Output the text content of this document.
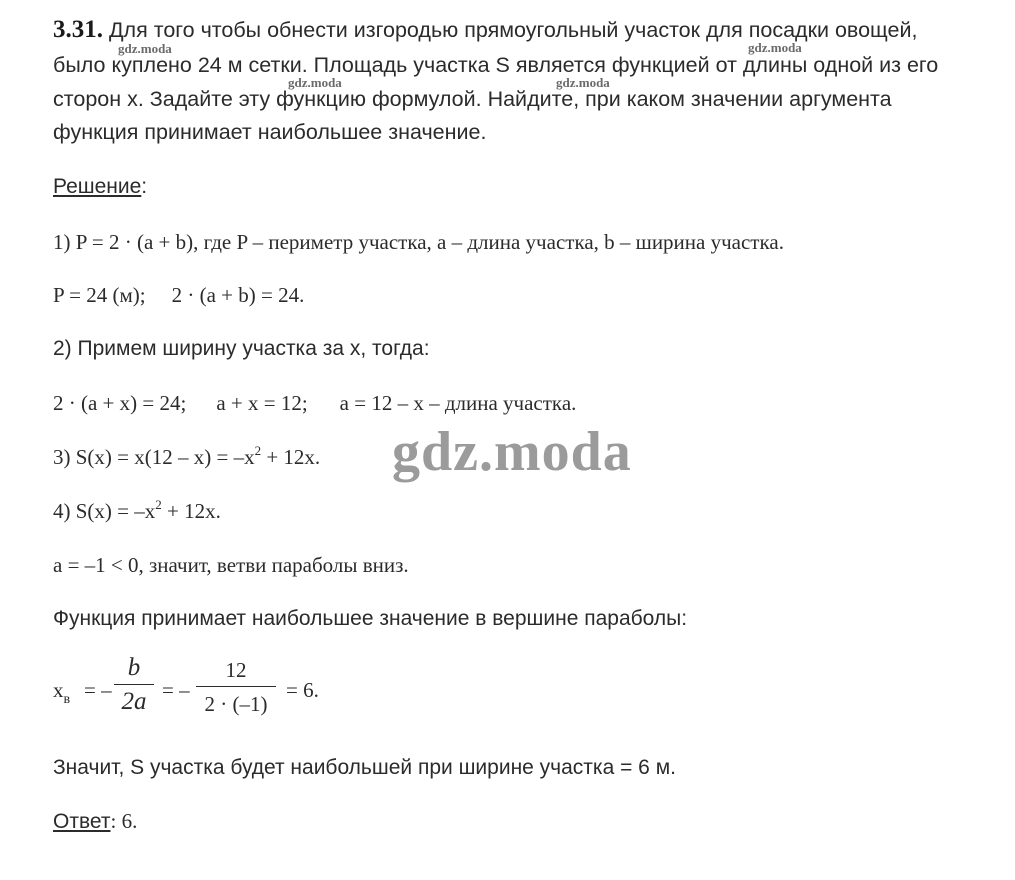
3.31. Для того чтобы обнести изгородью прямоугольный участок для посадки овощей,
было куплено 24 м сетки. Площадь участка S является функцией от длины одной из его
сторон x. Задайте эту функцию формулой. Найдите, при каком значении аргумента
функция принимает наибольшее значение.
gdz.moda	gdz.moda
gdz.moda	gdz.moda
Решение:
1) P = 2 · (a + b), где P – периметр участка, a – длина участка, b – ширина участка.
P = 24 (м); 2 · (a + b) = 24.
2) Примем ширину участка за x, тогда:
2 · (a + x) = 24; a + x = 12; a = 12 – x – длина участка.
3) $S(x) = x(12 - x) = -x^2 + 12x$. gdz.moda
4) $S(x) = -x^2 + 12x$.
a = –1 < 0, значит, ветви параболы вниз.
Функция принимает наибольшее значение в вершине параболы:
$x_в$ = –
b
2a = –
12
2 · (–1)
= 6.
Значит, S участка будет наибольшей при ширине участка = 6 м.
Ответ: 6.
